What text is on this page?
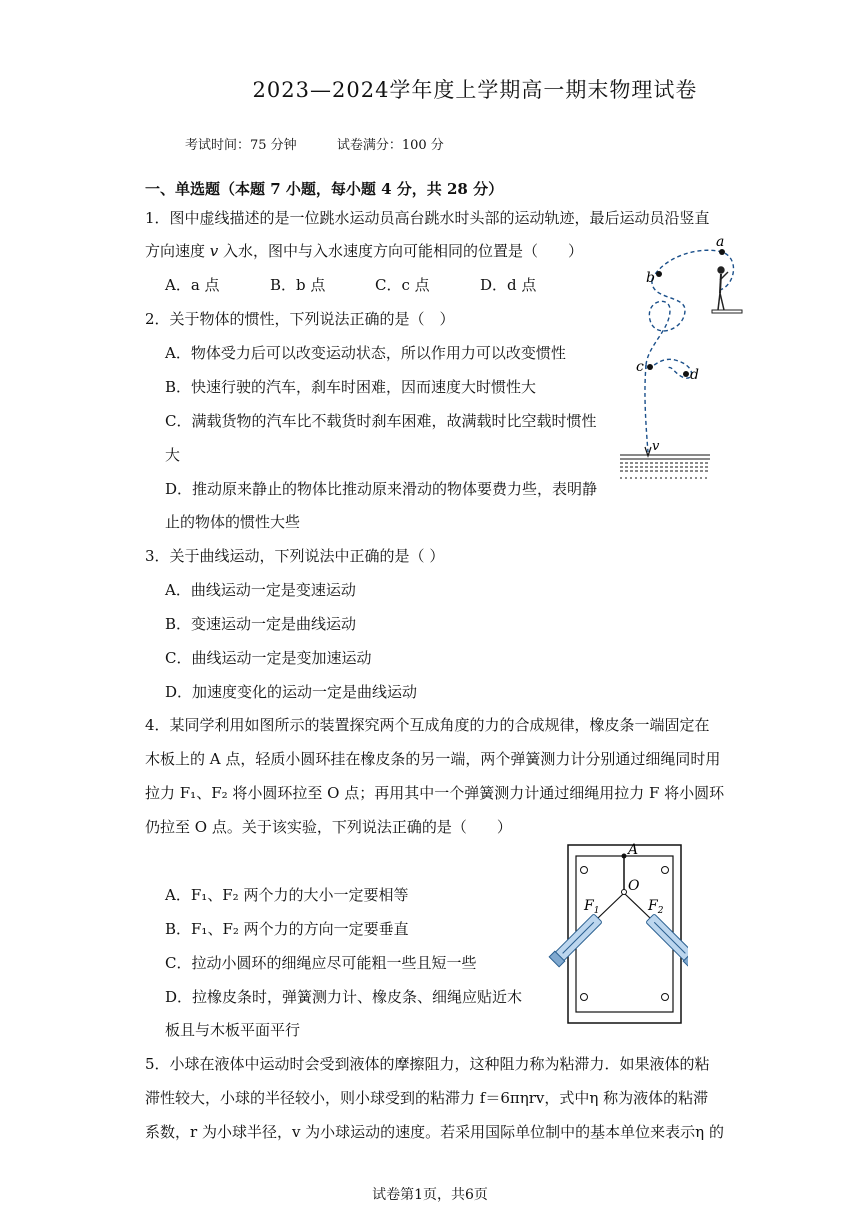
2023—2024学年度上学期高一期末物理试卷
考试时间：75 分钟	试卷满分：100 分
一、单选题（本题 7 小题，每小题 4 分，共 28 分）
1．图中虚线描述的是一位跳水运动员高台跳水时头部的运动轨迹，最后运动员沿竖直
方向速度 v 入水，图中与入水速度方向可能相同的位置是（　　）
A．a 点	B．b 点	C．c 点	D．d 点
a
b
c	d
v
2．关于物体的惯性，下列说法正确的是（　）
A．物体受力后可以改变运动状态，所以作用力可以改变惯性
B．快速行驶的汽车，刹车时困难，因而速度大时惯性大
C．满载货物的汽车比不载货时刹车困难，故满载时比空载时惯性
大
D．推动原来静止的物体比推动原来滑动的物体要费力些，表明静
止的物体的惯性大些
3．关于曲线运动，下列说法中正确的是（ ）
A．曲线运动一定是变速运动
B．变速运动一定是曲线运动
C．曲线运动一定是变加速运动
D．加速度变化的运动一定是曲线运动
4．某同学利用如图所示的装置探究两个互成角度的力的合成规律，橡皮条一端固定在
木板上的 A 点，轻质小圆环挂在橡皮条的另一端，两个弹簧测力计分别通过细绳同时用
拉力 F₁、F₂ 将小圆环拉至 O 点；再用其中一个弹簧测力计通过细绳用拉力 F 将小圆环
仍拉至 O 点。关于该实验，下列说法正确的是（　　）
A．F₁、F₂ 两个力的大小一定要相等
B．F₁、F₂ 两个力的方向一定要垂直
C．拉动小圆环的细绳应尽可能粗一些且短一些
D．拉橡皮条时，弹簧测力计、橡皮条、细绳应贴近木
板且与木板平面平行
A
O
$F_1$	$F_2$
5．小球在液体中运动时会受到液体的摩擦阻力，这种阻力称为粘滞力．如果液体的粘
滞性较大，小球的半径较小，则小球受到的粘滞力 f＝6πηrv，式中η 称为液体的粘滞
系数，r 为小球半径，v 为小球运动的速度。若采用国际单位制中的基本单位来表示η 的
试卷第1页，共6页
